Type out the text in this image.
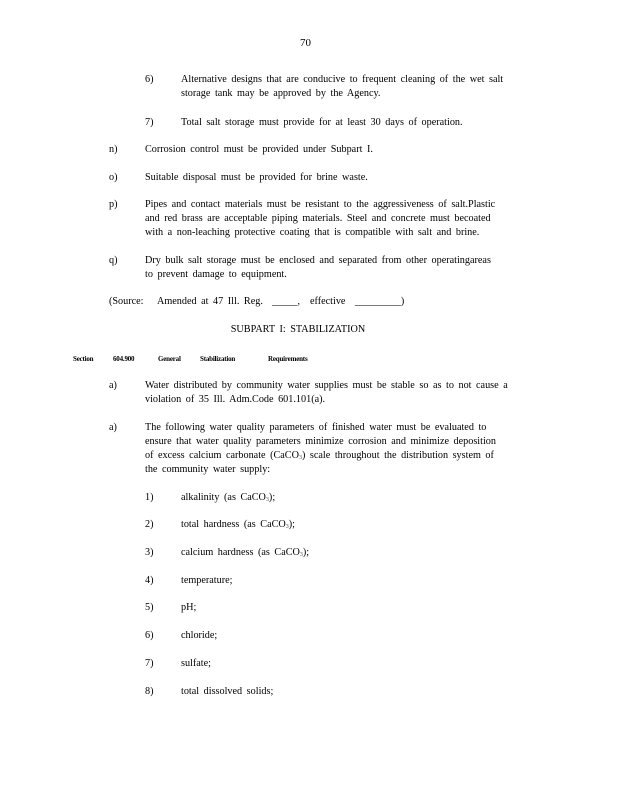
70
6)	Alternative designs that are conducive to frequent cleaning of the wet salt
storage tank may be approved by the Agency.
7)	Total salt storage must provide for at least 30 days of operation.
n)	Corrosion control must be provided under Subpart I.
o)	Suitable disposal must be provided for brine waste.
p)	Pipes and contact materials must be resistant to the aggressiveness of salt.Plastic
and red brass are acceptable piping materials. Steel and concrete must becoated
with a non-leaching protective coating that is compatible with salt and brine.
q)	Dry bulk salt storage must be enclosed and separated from other operatingareas
to prevent damage to equipment.
(Source: Amended at 47 Ill. Reg. _____, effective _________)
SUBPART I: STABILIZATION
Section	604.900	General	Stabilization	Requirements
a)	Water distributed by community water supplies must be stable so as to not cause a
violation of 35 Ill. Adm.Code 601.101(a).
a)	The following water quality parameters of finished water must be evaluated to
ensure that water quality parameters minimize corrosion and minimize deposition
of excess calcium carbonate (CaCO3) scale throughout the distribution system of
the community water supply:
1)	alkalinity (as CaCO3);
2)	total hardness (as CaCO3);
3)	calcium hardness (as CaCO3);
4)	temperature;
5)	pH;
6)	chloride;
7)	sulfate;
8)	total dissolved solids;
